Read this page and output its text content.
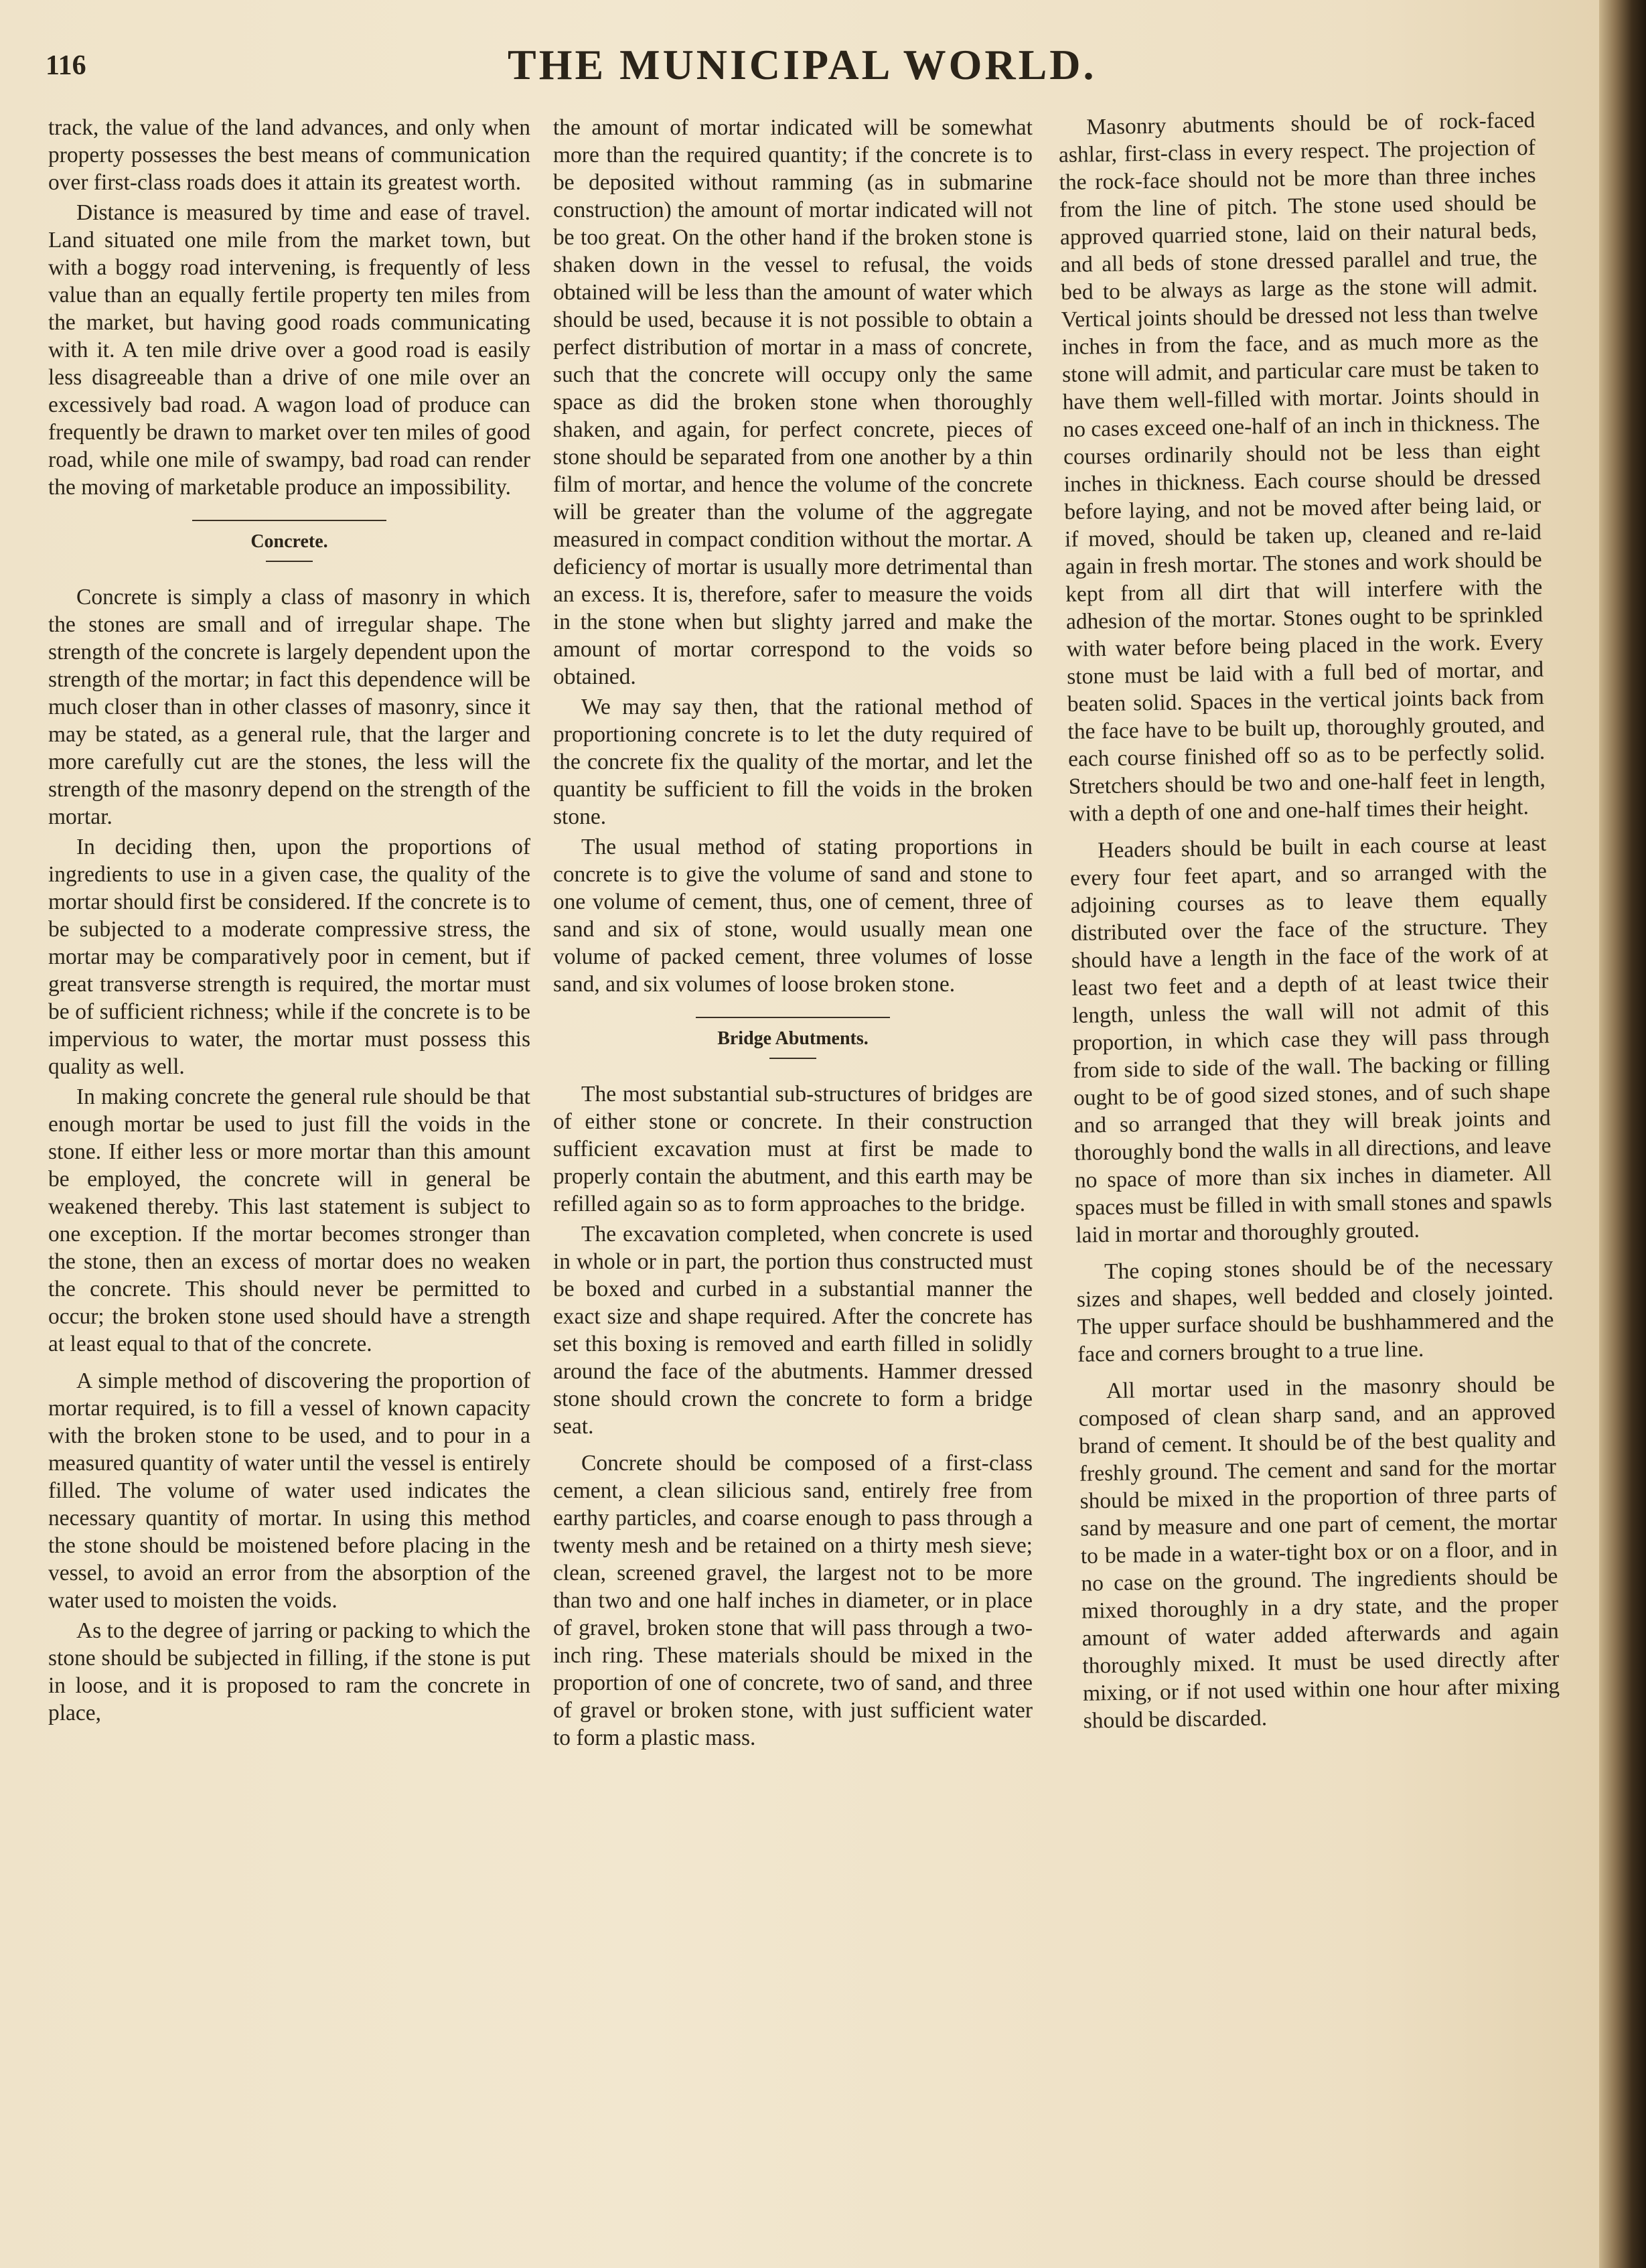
116	THE MUNICIPAL WORLD.

track, the value of the land advances, and only when property possesses the best means of communication over first-class roads does it attain its greatest worth.

Distance is measured by time and ease of travel. Land situated one mile from the market town, but with a boggy road intervening, is frequently of less value than an equally fertile property ten miles from the market, but having good roads communicating with it. A ten mile drive over a good road is easily less disagreeable than a drive of one mile over an excessively bad road. A wagon load of produce can frequently be drawn to market over ten miles of good road, while one mile of swampy, bad road can render the moving of marketable produce an impossibility.

Concrete.

Concrete is simply a class of masonry in which the stones are small and of irregular shape. The strength of the concrete is largely dependent upon the strength of the mortar; in fact this dependence will be much closer than in other classes of masonry, since it may be stated, as a general rule, that the larger and more carefully cut are the stones, the less will the strength of the masonry depend on the strength of the mortar.

In deciding then, upon the proportions of ingredients to use in a given case, the quality of the mortar should first be considered. If the concrete is to be subjected to a moderate compressive stress, the mortar may be comparatively poor in cement, but if great transverse strength is required, the mortar must be of sufficient richness; while if the concrete is to be impervious to water, the mortar must possess this quality as well.

In making concrete the general rule should be that enough mortar be used to just fill the voids in the stone. If either less or more mortar than this amount be employed, the concrete will in general be weakened thereby. This last statement is subject to one exception. If the mortar becomes stronger than the stone, then an excess of mortar does no weaken the concrete. This should never be permitted to occur; the broken stone used should have a strength at least equal to that of the concrete.

A simple method of discovering the proportion of mortar required, is to fill a vessel of known capacity with the broken stone to be used, and to pour in a measured quantity of water until the vessel is entirely filled. The volume of water used indicates the necessary quantity of mortar. In using this method the stone should be moistened before placing in the vessel, to avoid an error from the absorption of the water used to moisten the voids.

As to the degree of jarring or packing to which the stone should be subjected in filling, if the stone is put in loose, and it is proposed to ram the concrete in place,

the amount of mortar indicated will be somewhat more than the required quantity; if the concrete is to be deposited without ramming (as in submarine construction) the amount of mortar indicated will not be too great. On the other hand if the broken stone is shaken down in the vessel to refusal, the voids obtained will be less than the amount of water which should be used, because it is not possible to obtain a perfect distribution of mortar in a mass of concrete, such that the concrete will occupy only the same space as did the broken stone when thoroughly shaken, and again, for perfect concrete, pieces of stone should be separated from one another by a thin film of mortar, and hence the volume of the concrete will be greater than the volume of the aggregate measured in compact condition without the mortar. A deficiency of mortar is usually more detrimental than an excess. It is, therefore, safer to measure the voids in the stone when but slighty jarred and make the amount of mortar correspond to the voids so obtained.

We may say then, that the rational method of proportioning concrete is to let the duty required of the concrete fix the quality of the mortar, and let the quantity be sufficient to fill the voids in the broken stone.

The usual method of stating proportions in concrete is to give the volume of sand and stone to one volume of cement, thus, one of cement, three of sand and six of stone, would usually mean one volume of packed cement, three volumes of losse sand, and six volumes of loose broken stone.

Bridge Abutments.

The most substantial sub-structures of bridges are of either stone or concrete. In their construction sufficient excavation must at first be made to properly contain the abutment, and this earth may be refilled again so as to form approaches to the bridge.

The excavation completed, when concrete is used in whole or in part, the portion thus constructed must be boxed and curbed in a substantial manner the exact size and shape required. After the concrete has set this boxing is removed and earth filled in solidly around the face of the abutments. Hammer dressed stone should crown the concrete to form a bridge seat.

Concrete should be composed of a first-class cement, a clean silicious sand, entirely free from earthy particles, and coarse enough to pass through a twenty mesh and be retained on a thirty mesh sieve; clean, screened gravel, the largest not to be more than two and one half inches in diameter, or in place of gravel, broken stone that will pass through a two-inch ring. These materials should be mixed in the proportion of one of concrete, two of sand, and three of gravel or broken stone, with just sufficient water to form a plastic mass.

Masonry abutments should be of rock-faced ashlar, first-class in every respect. The projection of the rock-face should not be more than three inches from the line of pitch. The stone used should be approved quarried stone, laid on their natural beds, and all beds of stone dressed parallel and true, the bed to be always as large as the stone will admit. Vertical joints should be dressed not less than twelve inches in from the face, and as much more as the stone will admit, and particular care must be taken to have them well-filled with mortar. Joints should in no cases exceed one-half of an inch in thickness. The courses ordinarily should not be less than eight inches in thickness. Each course should be dressed before laying, and not be moved after being laid, or if moved, should be taken up, cleaned and re-laid again in fresh mortar. The stones and work should be kept from all dirt that will interfere with the adhesion of the mortar. Stones ought to be sprinkled with water before being placed in the work. Every stone must be laid with a full bed of mortar, and beaten solid. Spaces in the vertical joints back from the face have to be built up, thoroughly grouted, and each course finished off so as to be perfectly solid. Stretchers should be two and one-half feet in length, with a depth of one and one-half times their height.

Headers should be built in each course at least every four feet apart, and so arranged with the adjoining courses as to leave them equally distributed over the face of the structure. They should have a length in the face of the work of at least two feet and a depth of at least twice their length, unless the wall will not admit of this proportion, in which case they will pass through from side to side of the wall. The backing or filling ought to be of good sized stones, and of such shape and so arranged that they will break joints and thoroughly bond the walls in all directions, and leave no space of more than six inches in diameter. All spaces must be filled in with small stones and spawls laid in mortar and thoroughly grouted.

The coping stones should be of the necessary sizes and shapes, well bedded and closely jointed. The upper surface should be bushhammered and the face and corners brought to a true line.

All mortar used in the masonry should be composed of clean sharp sand, and an approved brand of cement. It should be of the best quality and freshly ground. The cement and sand for the mortar should be mixed in the proportion of three parts of sand by measure and one part of cement, the mortar to be made in a water-tight box or on a floor, and in no case on the ground. The ingredients should be mixed thoroughly in a dry state, and the proper amount of water added afterwards and again thoroughly mixed. It must be used directly after mixing, or if not used within one hour after mixing should be discarded.
